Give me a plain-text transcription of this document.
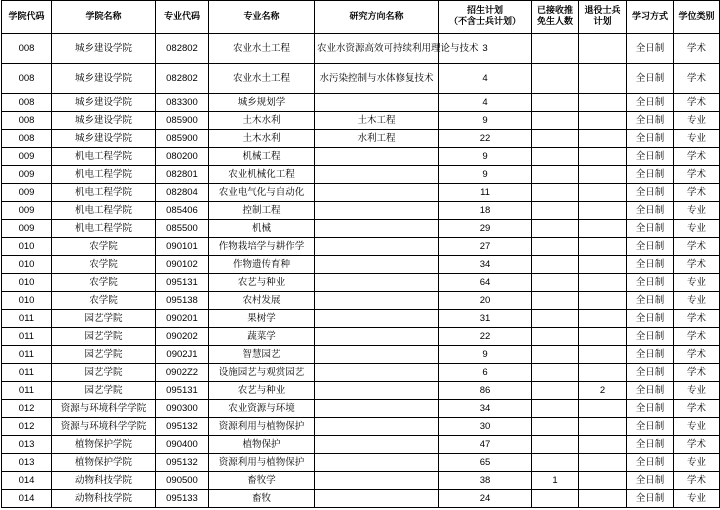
学院代码	学院名称	专业代码	专业名称	研究方向名称	招生计划
（不含士兵计划）	已接收推免生人数	退役士兵计划	学习方式	学位类别
008	城乡建设学院	082802	农业水土工程	农业水资源高效可持续利用理论与技术	3			全日制	学术
008	城乡建设学院	082802	农业水土工程	水污染控制与水体修复技术	4			全日制	学术
008	城乡建设学院	083300	城乡规划学		4			全日制	学术
008	城乡建设学院	085900	土木水利	土木工程	9			全日制	专业
008	城乡建设学院	085900	土木水利	水利工程	22			全日制	专业
009	机电工程学院	080200	机械工程		9			全日制	学术
009	机电工程学院	082801	农业机械化工程		9			全日制	学术
009	机电工程学院	082804	农业电气化与自动化		11			全日制	学术
009	机电工程学院	085406	控制工程		18			全日制	专业
009	机电工程学院	085500	机械		29			全日制	专业
010	农学院	090101	作物栽培学与耕作学		27			全日制	学术
010	农学院	090102	作物遗传育种		34			全日制	学术
010	农学院	095131	农艺与种业		64			全日制	专业
010	农学院	095138	农村发展		20			全日制	专业
011	园艺学院	090201	果树学		31			全日制	学术
011	园艺学院	090202	蔬菜学		22			全日制	学术
011	园艺学院	0902J1	智慧园艺		9			全日制	学术
011	园艺学院	0902Z2	设施园艺与观赏园艺		6			全日制	学术
011	园艺学院	095131	农艺与种业		86		2	全日制	专业
012	资源与环境科学学院	090300	农业资源与环境		34			全日制	学术
012	资源与环境科学学院	095132	资源利用与植物保护		30			全日制	专业
013	植物保护学院	090400	植物保护		47			全日制	学术
013	植物保护学院	095132	资源利用与植物保护		65			全日制	专业
014	动物科技学院	090500	畜牧学		38	1		全日制	学术
014	动物科技学院	095133	畜牧		24			全日制	专业
